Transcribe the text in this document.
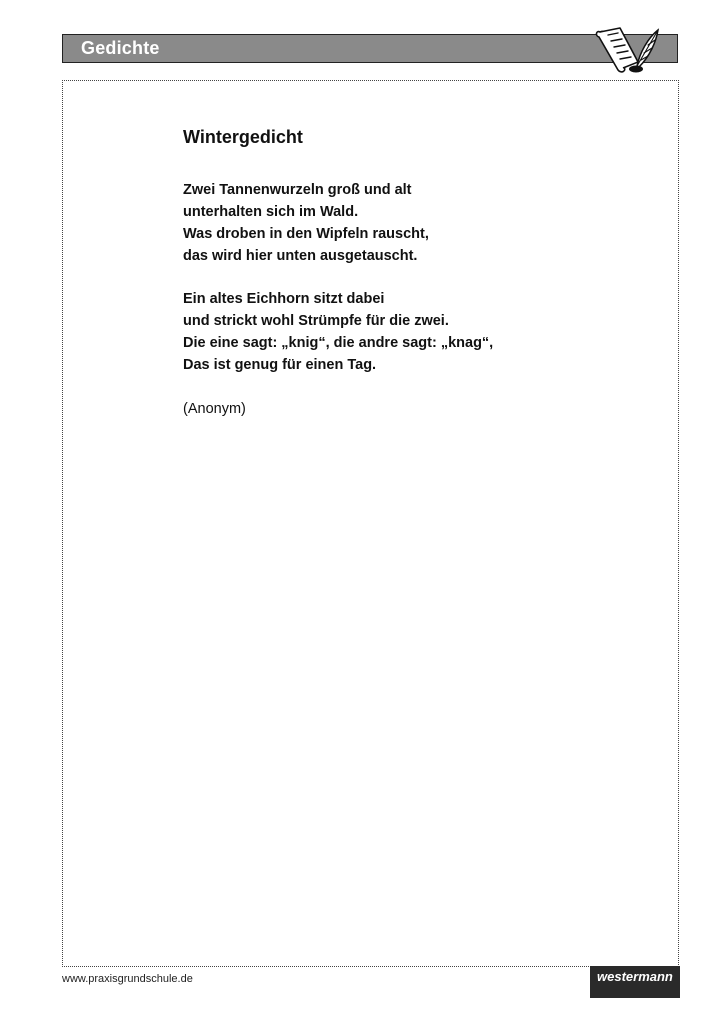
Gedichte
Wintergedicht
Zwei Tannenwurzeln groß und alt
unterhalten sich im Wald.
Was droben in den Wipfeln rauscht,
das wird hier unten ausgetauscht.
Ein altes Eichhorn sitzt dabei
und strickt wohl Strümpfe für die zwei.
Die eine sagt: „knig“, die andre sagt: „knag“,
Das ist genug für einen Tag.
(Anonym)
www.praxisgrundschule.de	westermann
